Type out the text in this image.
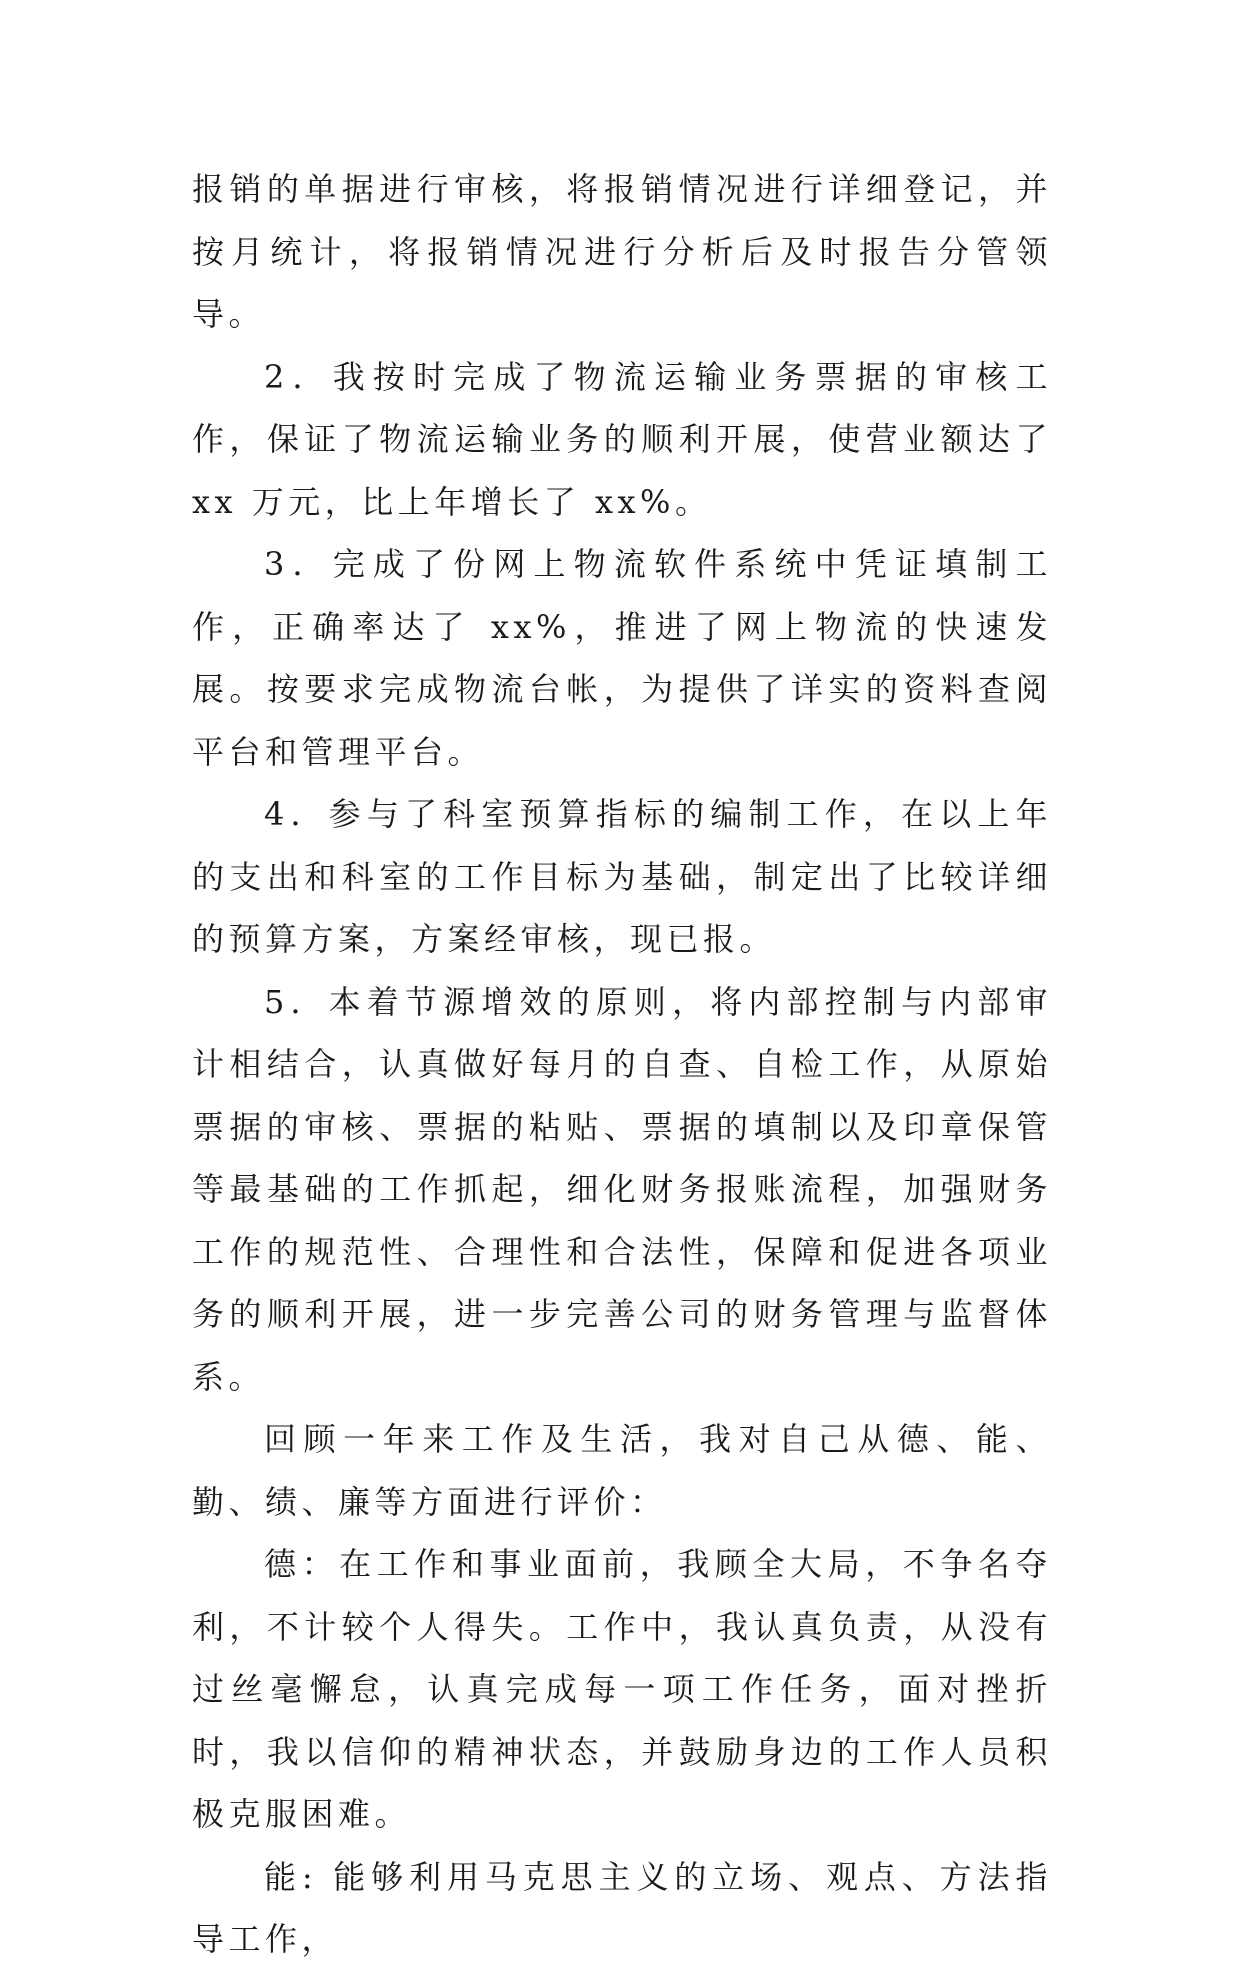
报销的单据进行审核，将报销情况进行详细登记，并按月统计，将报销情况进行分析后及时报告分管领导。

2．我按时完成了物流运输业务票据的审核工作，保证了物流运输业务的顺利开展，使营业额达了 xx 万元，比上年增长了 xx%。

3．完成了份网上物流软件系统中凭证填制工作，正确率达了 xx%，推进了网上物流的快速发展。按要求完成物流台帐，为提供了详实的资料查阅平台和管理平台。

4．参与了科室预算指标的编制工作，在以上年的支出和科室的工作目标为基础，制定出了比较详细的预算方案，方案经审核，现已报。

5．本着节源增效的原则，将内部控制与内部审计相结合，认真做好每月的自查、自检工作，从原始票据的审核、票据的粘贴、票据的填制以及印章保管等最基础的工作抓起，细化财务报账流程，加强财务工作的规范性、合理性和合法性，保障和促进各项业务的顺利开展，进一步完善公司的财务管理与监督体系。

回顾一年来工作及生活，我对自己从德、能、勤、绩、廉等方面进行评价：

德：在工作和事业面前，我顾全大局，不争名夺利，不计较个人得失。工作中，我认真负责，从没有过丝毫懈怠，认真完成每一项工作任务，面对挫折时，我以信仰的精神状态，并鼓励身边的工作人员积极克服困难。

能: 能够利用马克思主义的立场、观点、方法指导工作，
